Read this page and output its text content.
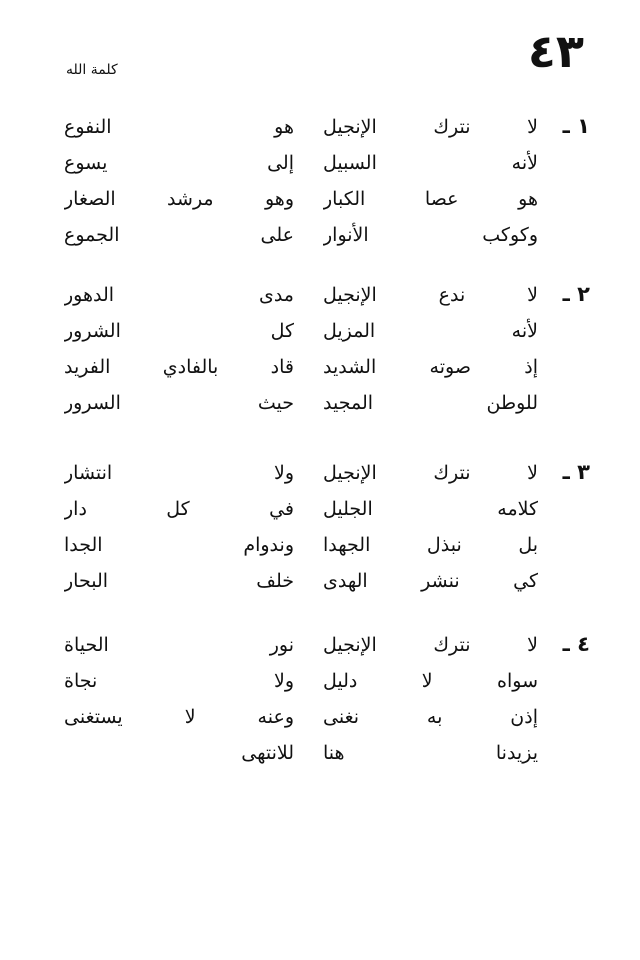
٤٣
كلمة الله
١ ـ
لا نترك الإنجيل
هو النفوع
لأنه السبيل
إلى يسوع
هو عصا الكبار
وهو مرشد الصغار
وكوكب الأنوار
على الجموع
٢ ـ
لا ندع الإنجيل
مدى الدهور
لأنه المزيل
كل الشرور
إذ صوته الشديد
قاد بالفادي الفريد
للوطن المجيد
حيث السرور
٣ ـ
لا نترك الإنجيل
ولا انتشار
كلامه الجليل
في كل دار
بل نبذل الجهدا
وندوام الجدا
كي ننشر الهدى
خلف البحار
٤ ـ
لا نترك الإنجيل
نور الحياة
سواه لا دليل
ولا نجاة
إذن به نغنى
وعنه لا يستغنى
يزيدنا هنا
للانتهى
